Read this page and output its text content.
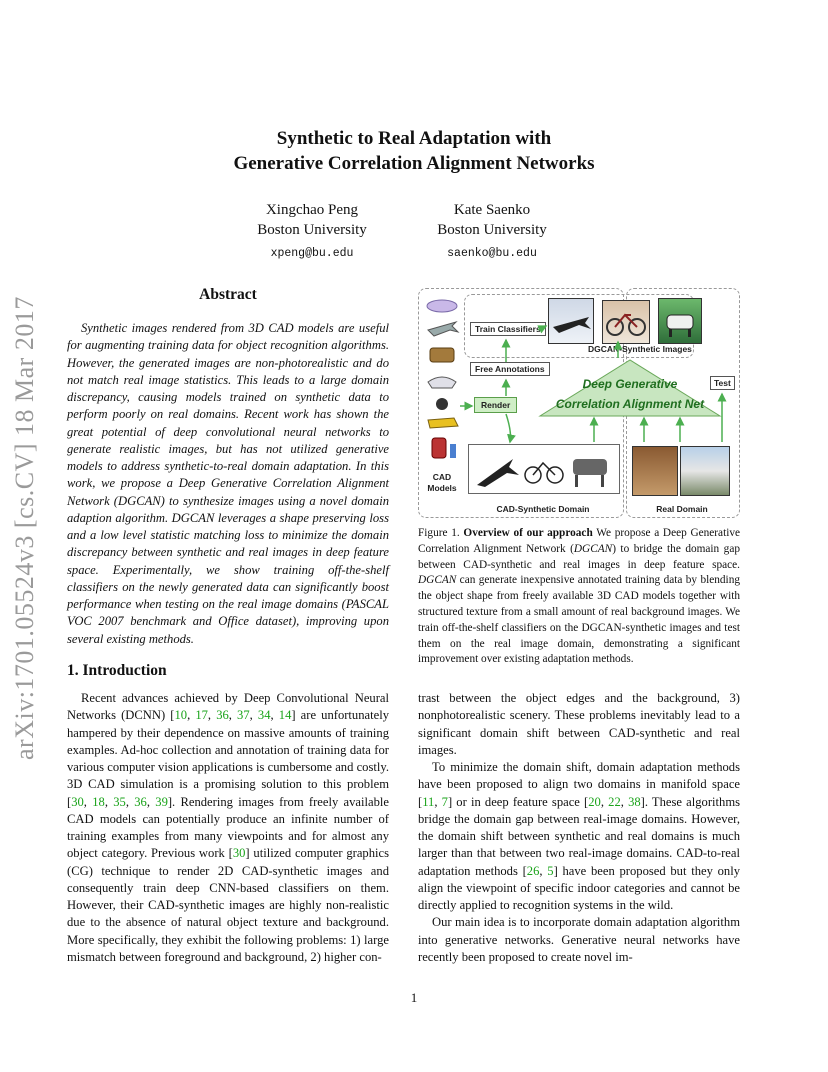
Synthetic to Real Adaptation with
Generative Correlation Alignment Networks
Xingchao Peng
Boston University
xpeng@bu.edu
Kate Saenko
Boston University
saenko@bu.edu
arXiv:1701.05524v3 [cs.CV] 18 Mar 2017
Abstract
Synthetic images rendered from 3D CAD models are useful for augmenting training data for object recognition algorithms. However, the generated images are non-photorealistic and do not match real image statistics. This leads to a large domain discrepancy, causing models trained on synthetic data to perform poorly on real domains. Recent work has shown the great potential of deep convolutional neural networks to generate realistic images, but has not utilized generative models to address synthetic-to-real domain adaptation. In this work, we propose a Deep Generative Correlation Alignment Network (DGCAN) to synthesize images using a novel domain adaption algorithm. DGCAN leverages a shape preserving loss and a low level statistic matching loss to minimize the domain discrepancy between synthetic and real images in deep feature space. Experimentally, we show training off-the-shelf classifiers on the newly generated data can significantly boost performance when testing on the real image domains (PASCAL VOC 2007 benchmark and Office dataset), improving upon several existing methods.
1. Introduction
Recent advances achieved by Deep Convolutional Neural Networks (DCNN) [10, 17, 36, 37, 34, 14] are unfortunately hampered by their dependence on massive amounts of training examples. Ad-hoc collection and annotation of training data for various computer vision applications is cumbersome and costly. 3D CAD simulation is a promising solution to this problem [30, 18, 35, 36, 39]. Rendering images from freely available CAD models can potentially produce an infinite number of training examples from many viewpoints and for almost any object category. Previous work [30] utilized computer graphics (CG) technique to render 2D CAD-synthetic images and consequently train deep CNN-based classifiers on them. However, their CAD-synthetic images are highly non-realistic due to the absence of natural object texture and background. More specifically, they exhibit the following problems: 1) large mismatch between foreground and background, 2) higher con-
CAD Models
Train Classifiers
Free Annotations
Render
DGCAN-Synthetic Images
Test
Deep Generative
Correlation Alignment Net
CAD-Synthetic Domain	Real Domain
Figure 1. Overview of our approach We propose a Deep Generative Correlation Alignment Network (DGCAN) to bridge the domain gap between CAD-synthetic and real images in deep feature space. DGCAN can generate inexpensive annotated training data by blending the object shape from freely available 3D CAD models together with structured texture from a small amount of real background images. We train off-the-shelf classifiers on the DGCAN-synthetic images and test them on the real image domain, demonstrating a significant improvement over existing adaptation methods.

trast between the object edges and the background, 3) nonphotorealistic scenery. These problems inevitably lead to a significant domain shift between CAD-synthetic and real images.

To minimize the domain shift, domain adaptation methods have been proposed to align two domains in manifold space [11, 7] or in deep feature space [20, 22, 38]. These algorithms bridge the domain gap between real-image domains. However, the domain shift between synthetic and real domains is much larger than that between two real-image domains. CAD-to-real adaptation methods [26, 5] have been proposed but they only align the viewpoint of specific indoor categories and cannot be directly applied to recognition systems in the wild.

Our main idea is to incorporate domain adaptation algorithm into generative networks. Generative neural networks have recently been proposed to create novel im-

1
